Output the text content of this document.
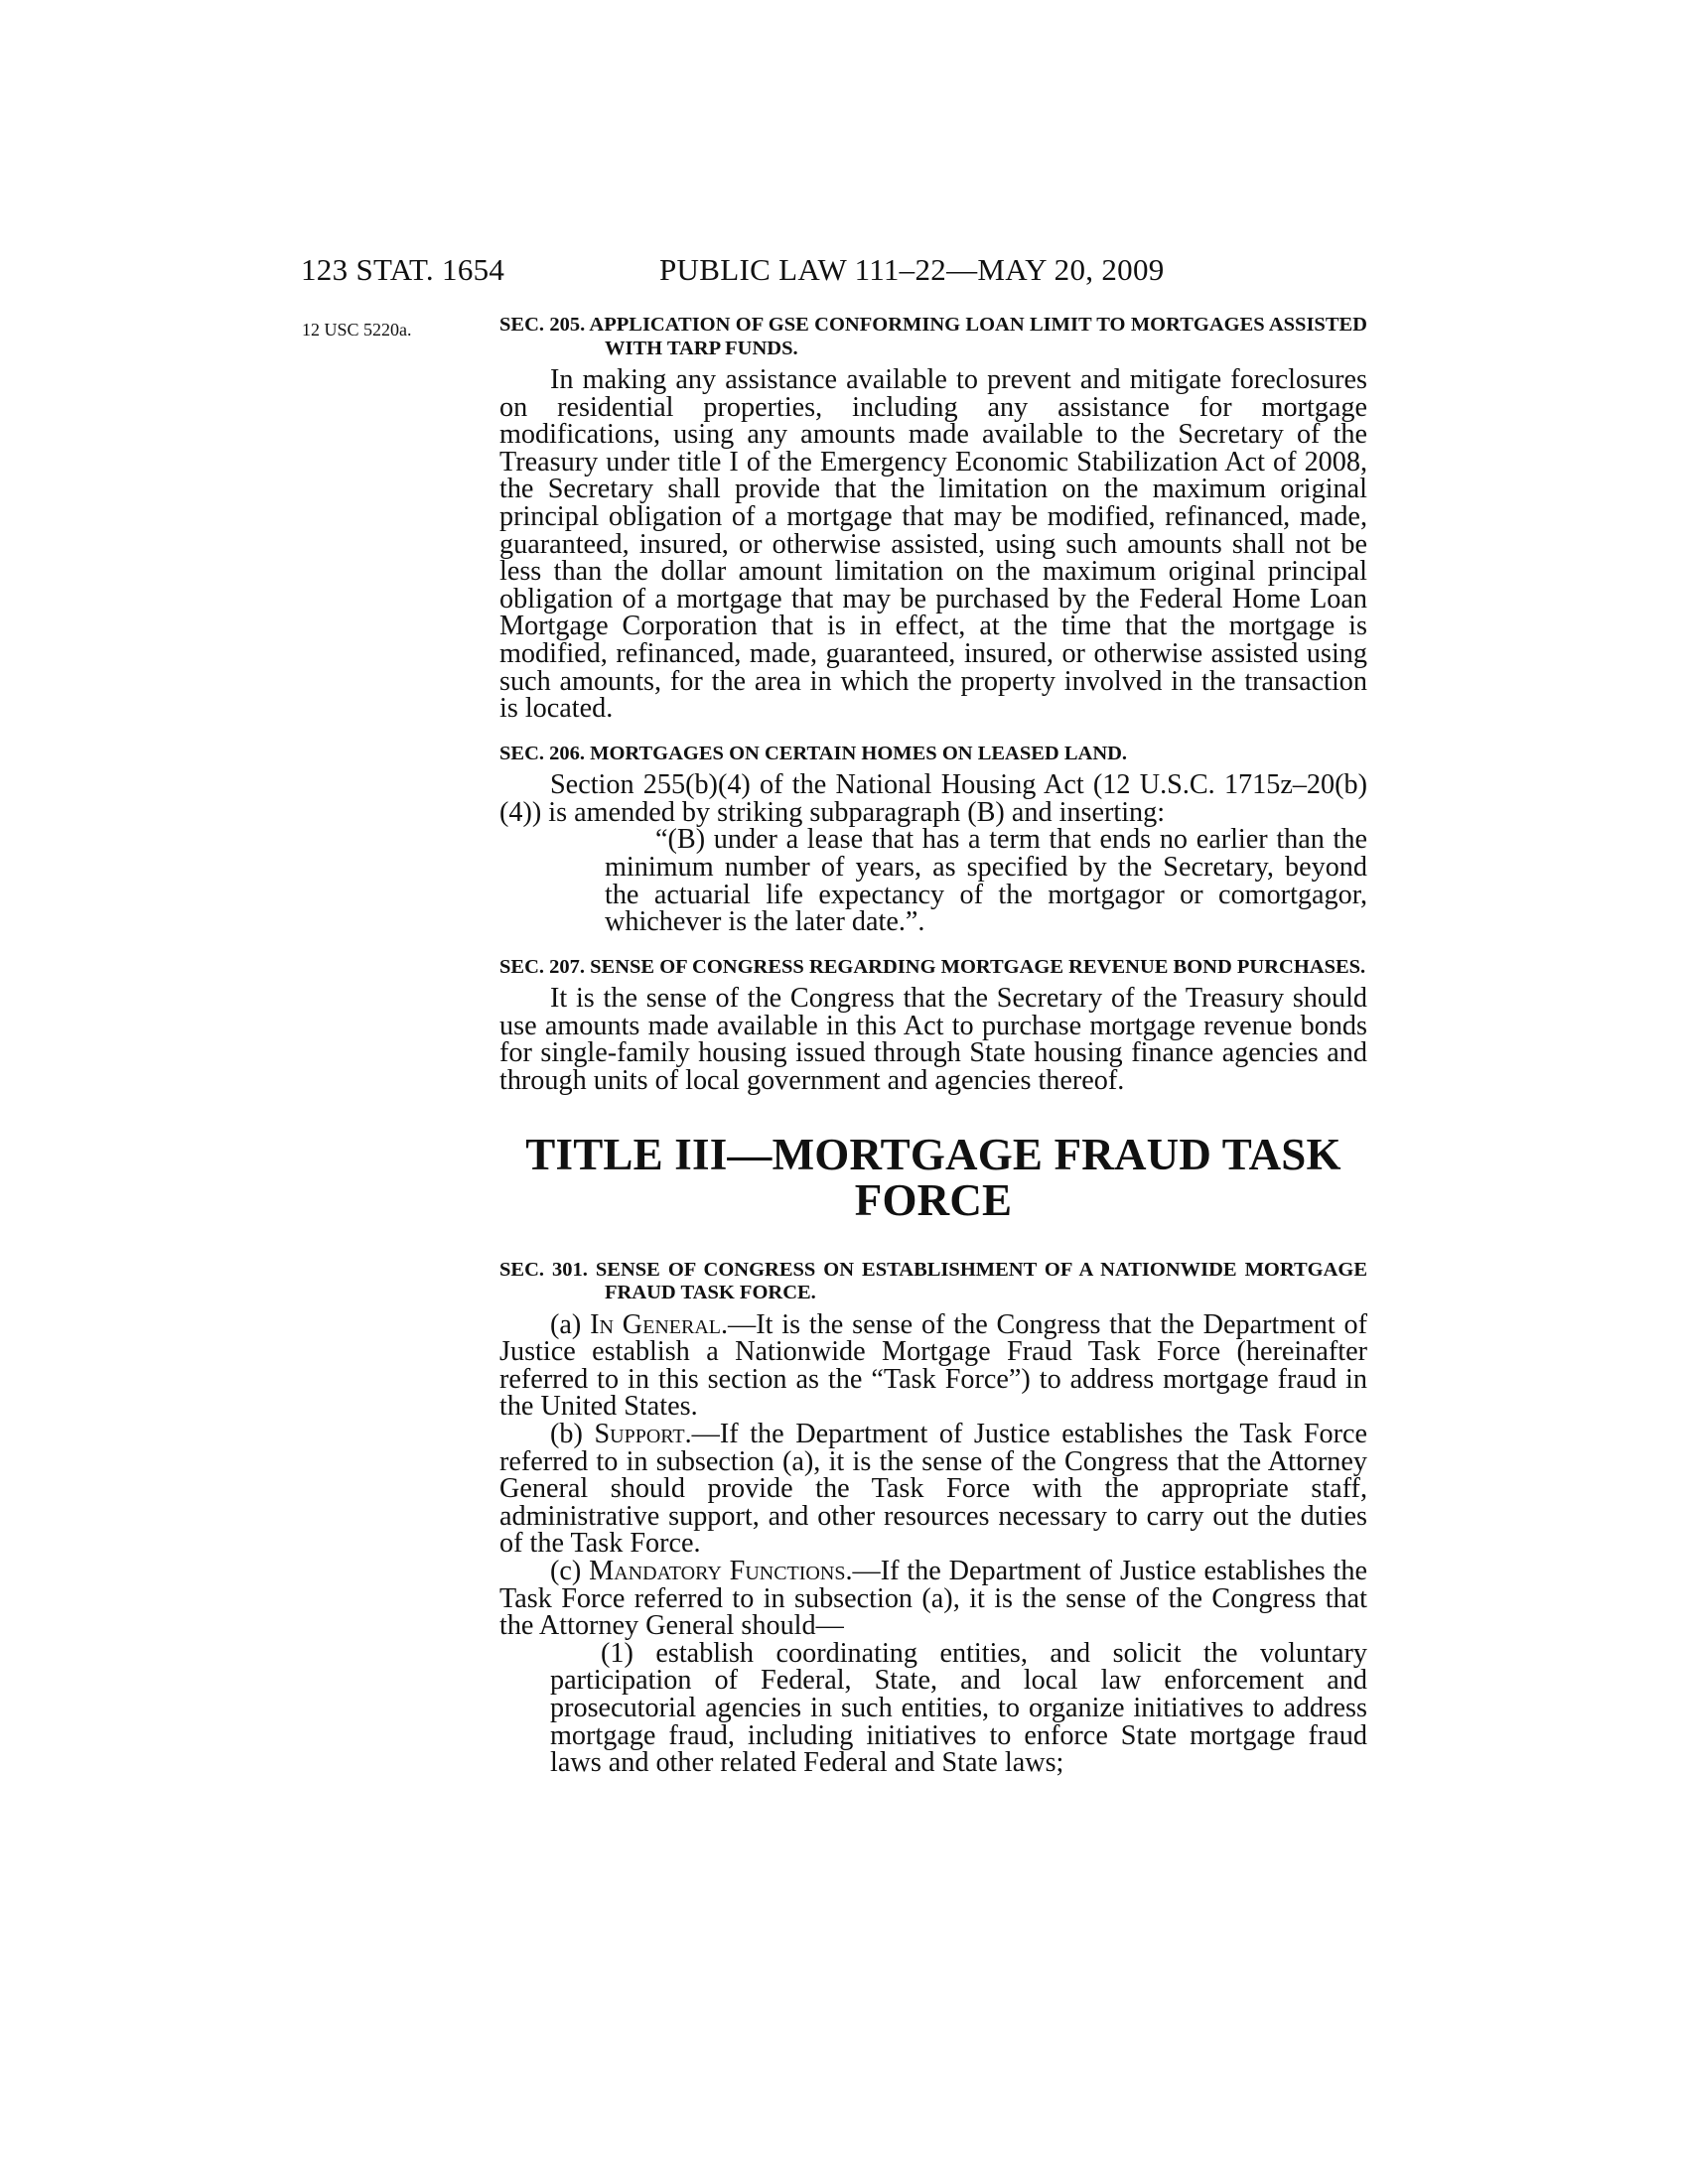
123 STAT. 1654	PUBLIC LAW 111–22—MAY 20, 2009
12 USC 5220a.	SEC. 205. APPLICATION OF GSE CONFORMING LOAN LIMIT TO MORTGAGES ASSISTED WITH TARP FUNDS.

In making any assistance available to prevent and mitigate foreclosures on residential properties, including any assistance for mortgage modifications, using any amounts made available to the Secretary of the Treasury under title I of the Emergency Economic Stabilization Act of 2008, the Secretary shall provide that the limitation on the maximum original principal obligation of a mortgage that may be modified, refinanced, made, guaranteed, insured, or otherwise assisted, using such amounts shall not be less than the dollar amount limitation on the maximum original principal obligation of a mortgage that may be purchased by the Federal Home Loan Mortgage Corporation that is in effect, at the time that the mortgage is modified, refinanced, made, guaranteed, insured, or otherwise assisted using such amounts, for the area in which the property involved in the transaction is located.

SEC. 206. MORTGAGES ON CERTAIN HOMES ON LEASED LAND.

Section 255(b)(4) of the National Housing Act (12 U.S.C. 1715z–20(b)(4)) is amended by striking subparagraph (B) and inserting:

“(B) under a lease that has a term that ends no earlier than the minimum number of years, as specified by the Secretary, beyond the actuarial life expectancy of the mortgagor or comortgagor, whichever is the later date.”.

SEC. 207. SENSE OF CONGRESS REGARDING MORTGAGE REVENUE BOND PURCHASES.

It is the sense of the Congress that the Secretary of the Treasury should use amounts made available in this Act to purchase mortgage revenue bonds for single-family housing issued through State housing finance agencies and through units of local government and agencies thereof.

TITLE III—MORTGAGE FRAUD TASK

FORCE

SEC. 301. SENSE OF CONGRESS ON ESTABLISHMENT OF A NATIONWIDE MORTGAGE FRAUD TASK FORCE.

(a) In General.—It is the sense of the Congress that the Department of Justice establish a Nationwide Mortgage Fraud Task Force (hereinafter referred to in this section as the “Task Force”) to address mortgage fraud in the United States.

(b) Support.—If the Department of Justice establishes the Task Force referred to in subsection (a), it is the sense of the Congress that the Attorney General should provide the Task Force with the appropriate staff, administrative support, and other resources necessary to carry out the duties of the Task Force.

(c) Mandatory Functions.—If the Department of Justice establishes the Task Force referred to in subsection (a), it is the sense of the Congress that the Attorney General should—

(1) establish coordinating entities, and solicit the voluntary participation of Federal, State, and local law enforcement and prosecutorial agencies in such entities, to organize initiatives to address mortgage fraud, including initiatives to enforce State mortgage fraud laws and other related Federal and State laws;
